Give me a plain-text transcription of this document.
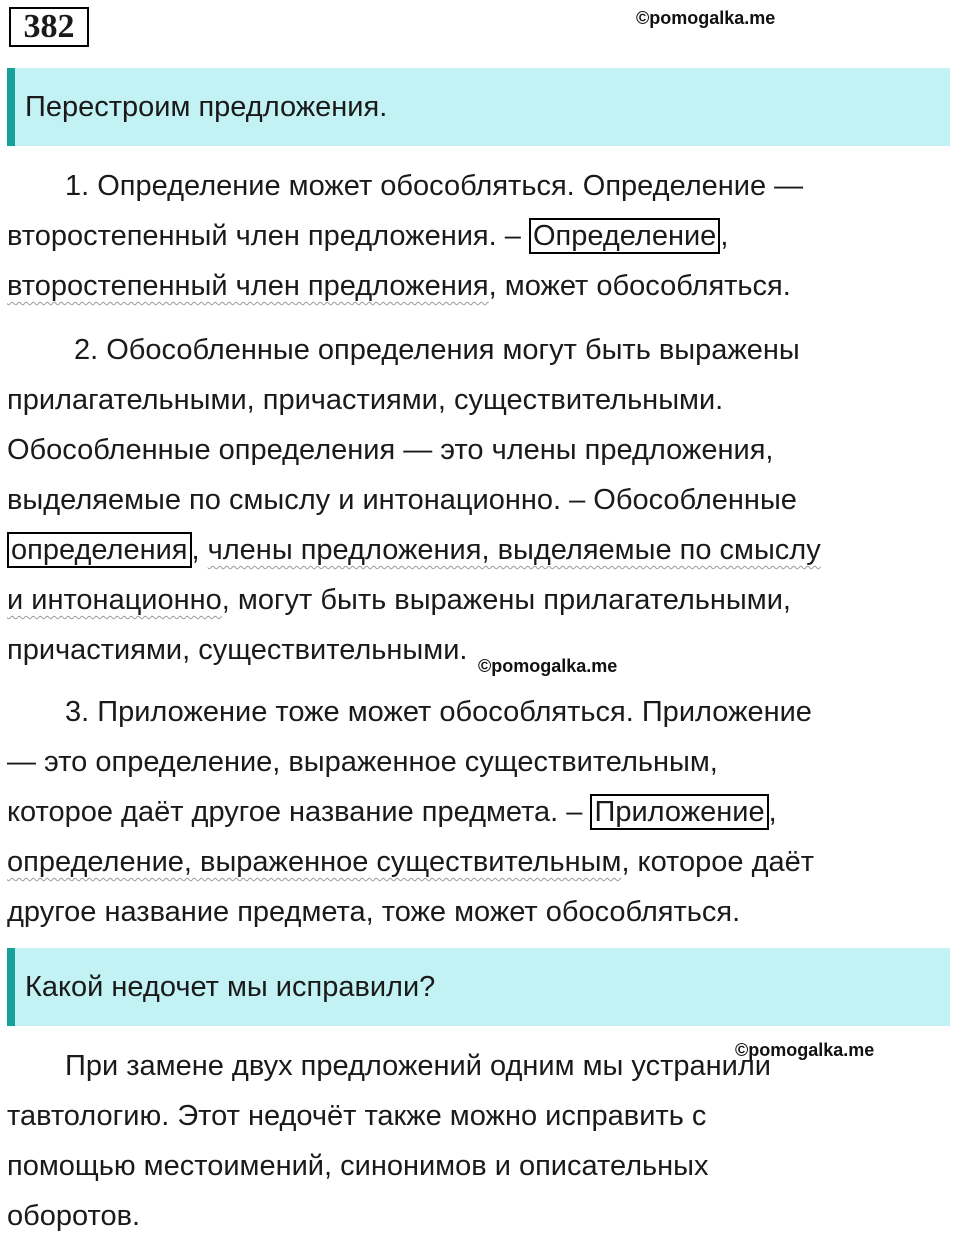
382	©pomogalka.me
Перестроим предложения.
1. Определение может обособляться. Определение —
второстепенный член предложения. – Определение ,
второстепенный член предложения, может обособляться.
2. Обособленные определения могут быть выражены
прилагательными, причастиями, существительными.
Обособленные определения — это члены предложения,
выделяемые по смыслу и интонационно. – Обособленные
определения , члены предложения, выделяемые по смыслу
и интонационно, могут быть выражены прилагательными,
причастиями, существительными. ©pomogalka.me
3. Приложение тоже может обособляться. Приложение
— это определение, выраженное существительным,
которое даёт другое название предмета. – Приложение ,
определение, выраженное существительным, которое даёт
другое название предмета, тоже может обособляться.
Какой недочет мы исправили?
©pomogalka.me
При замене двух предложений одним мы устранили
тавтологию. Этот недочёт также можно исправить с
помощью местоимений, синонимов и описательных
оборотов.
